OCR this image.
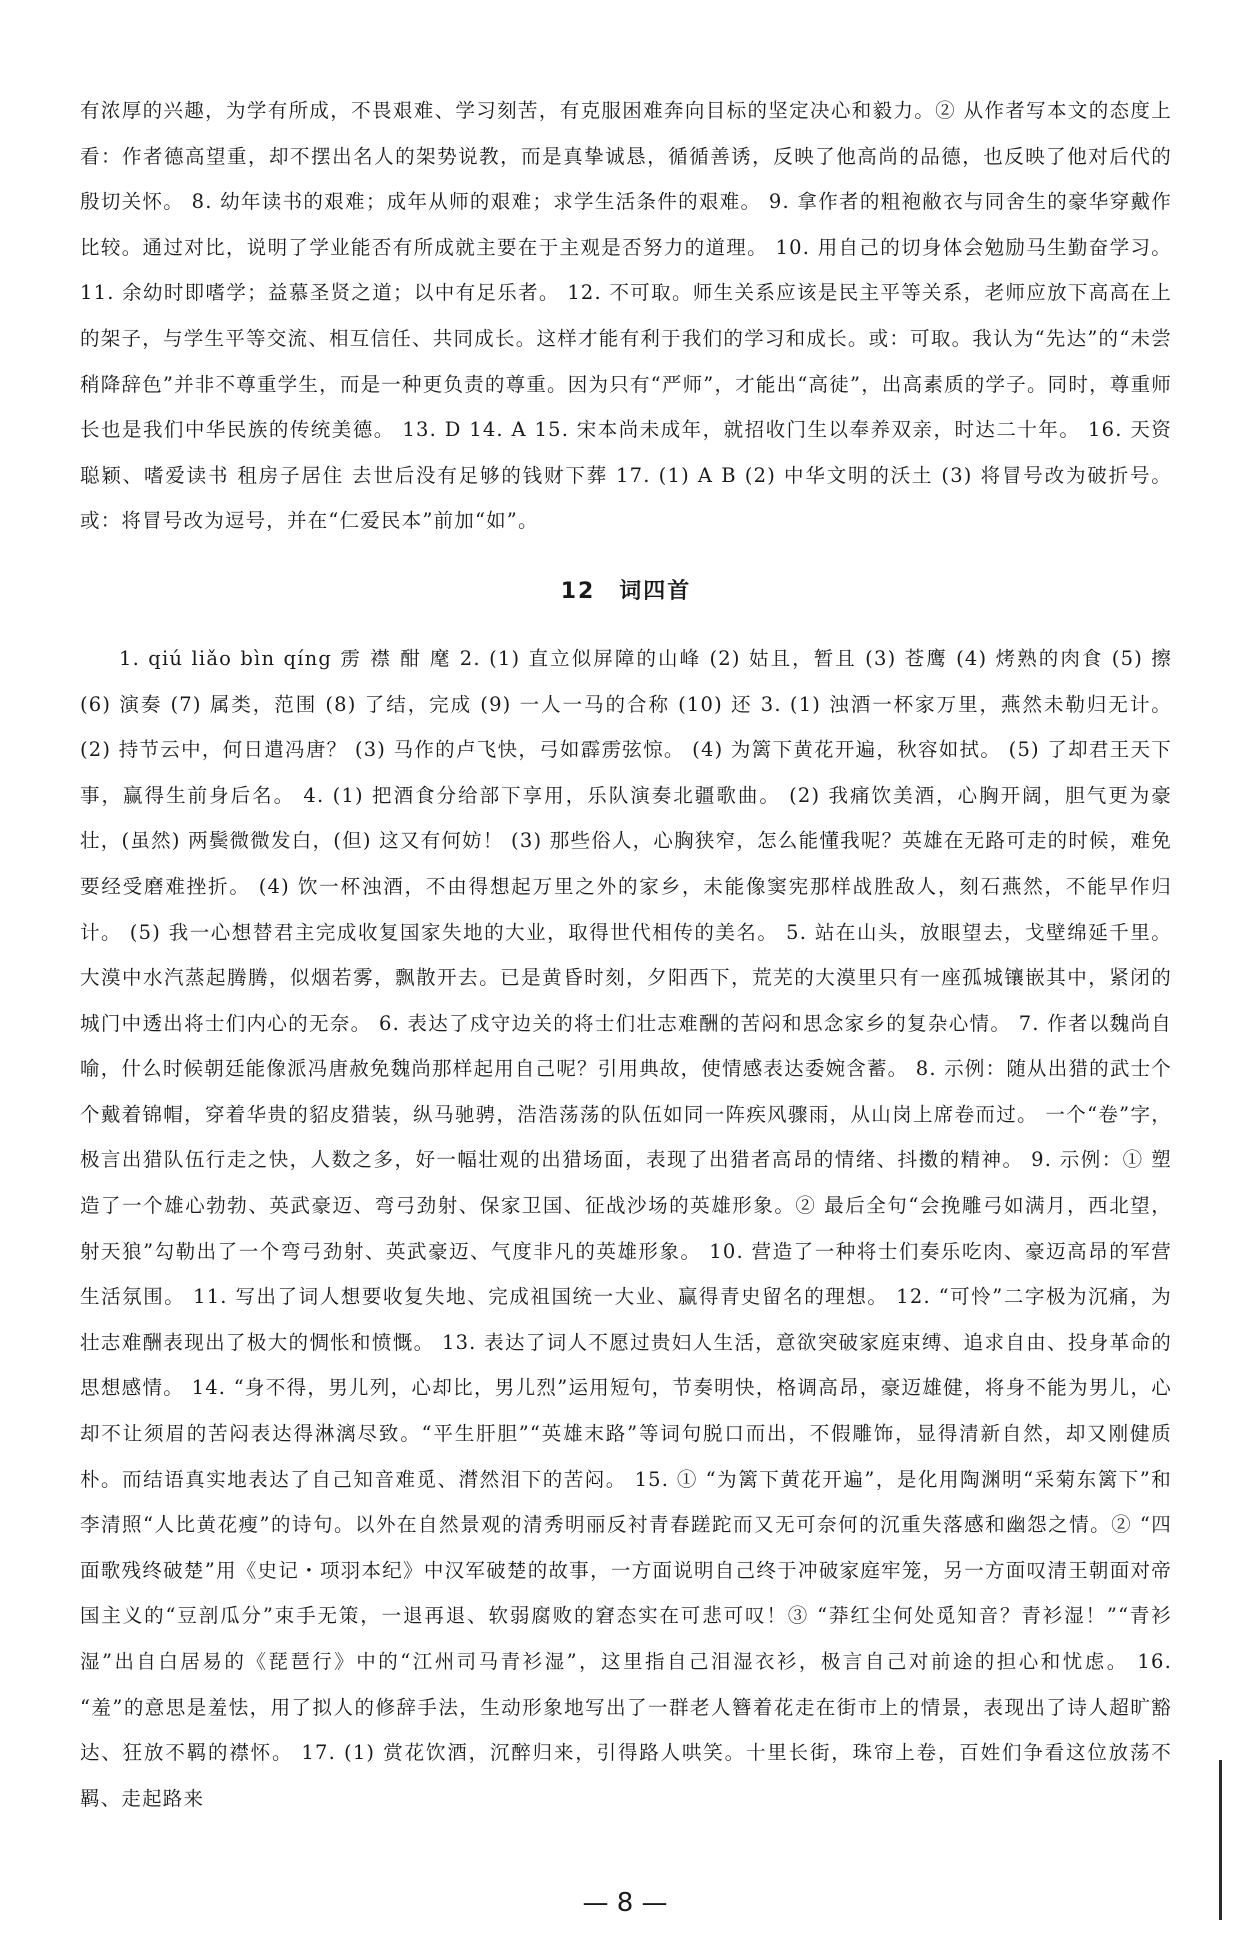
有浓厚的兴趣，为学有所成，不畏艰难、学习刻苦，有克服困难奔向目标的坚定决心和毅力。② 从作者写本文的态度上看：作者德高望重，却不摆出名人的架势说教，而是真挚诚恳，循循善诱，反映了他高尚的品德，也反映了他对后代的殷切关怀。 8. 幼年读书的艰难；成年从师的艰难；求学生活条件的艰难。 9. 拿作者的粗袍敝衣与同舍生的豪华穿戴作比较。通过对比，说明了学业能否有所成就主要在于主观是否努力的道理。 10. 用自己的切身体会勉励马生勤奋学习。 11. 余幼时即嗜学；益慕圣贤之道；以中有足乐者。 12. 不可取。师生关系应该是民主平等关系，老师应放下高高在上的架子，与学生平等交流、相互信任、共同成长。这样才能有利于我们的学习和成长。或：可取。我认为“先达”的“未尝稍降辞色”并非不尊重学生，而是一种更负责的尊重。因为只有“严师”，才能出“高徒”，出高素质的学子。同时，尊重师长也是我们中华民族的传统美德。 13. D 14. A 15. 宋本尚未成年，就招收门生以奉养双亲，时达二十年。 16. 天资聪颖、嗜爱读书 租房子居住 去世后没有足够的钱财下葬 17. (1) A B (2) 中华文明的沃土 (3) 将冒号改为破折号。或：将冒号改为逗号，并在“仁爱民本”前加“如”。

12　词四首

1. qiú liǎo bìn qíng 雳 襟 酣 麾 2. (1) 直立似屏障的山峰 (2) 姑且，暂且 (3) 苍鹰 (4) 烤熟的肉食 (5) 擦 (6) 演奏 (7) 属类，范围 (8) 了结，完成 (9) 一人一马的合称 (10) 还 3. (1) 浊酒一杯家万里，燕然未勒归无计。 (2) 持节云中，何日遣冯唐？ (3) 马作的卢飞快，弓如霹雳弦惊。 (4) 为篱下黄花开遍，秋容如拭。 (5) 了却君王天下事，赢得生前身后名。 4. (1) 把酒食分给部下享用，乐队演奏北疆歌曲。 (2) 我痛饮美酒，心胸开阔，胆气更为豪壮，(虽然) 两鬓微微发白，(但) 这又有何妨！ (3) 那些俗人，心胸狭窄，怎么能懂我呢？英雄在无路可走的时候，难免要经受磨难挫折。 (4) 饮一杯浊酒，不由得想起万里之外的家乡，未能像窦宪那样战胜敌人，刻石燕然，不能早作归计。 (5) 我一心想替君主完成收复国家失地的大业，取得世代相传的美名。 5. 站在山头，放眼望去，戈壁绵延千里。大漠中水汽蒸起腾腾，似烟若雾，飘散开去。已是黄昏时刻，夕阳西下，荒芜的大漠里只有一座孤城镶嵌其中，紧闭的城门中透出将士们内心的无奈。 6. 表达了戍守边关的将士们壮志难酬的苦闷和思念家乡的复杂心情。 7. 作者以魏尚自喻，什么时候朝廷能像派冯唐赦免魏尚那样起用自己呢？引用典故，使情感表达委婉含蓄。 8. 示例：随从出猎的武士个个戴着锦帽，穿着华贵的貂皮猎装，纵马驰骋，浩浩荡荡的队伍如同一阵疾风骤雨，从山岗上席卷而过。 一个“卷”字，极言出猎队伍行走之快，人数之多，好一幅壮观的出猎场面，表现了出猎者高昂的情绪、抖擞的精神。 9. 示例：① 塑造了一个雄心勃勃、英武豪迈、弯弓劲射、保家卫国、征战沙场的英雄形象。② 最后全句“会挽雕弓如满月，西北望，射天狼”勾勒出了一个弯弓劲射、英武豪迈、气度非凡的英雄形象。 10. 营造了一种将士们奏乐吃肉、豪迈高昂的军营生活氛围。 11. 写出了词人想要收复失地、完成祖国统一大业、赢得青史留名的理想。 12. “可怜”二字极为沉痛，为壮志难酬表现出了极大的惆怅和愤慨。 13. 表达了词人不愿过贵妇人生活，意欲突破家庭束缚、追求自由、投身革命的思想感情。 14. “身不得，男儿列，心却比，男儿烈”运用短句，节奏明快，格调高昂，豪迈雄健，将身不能为男儿，心却不让须眉的苦闷表达得淋漓尽致。“平生肝胆”“英雄末路”等词句脱口而出，不假雕饰，显得清新自然，却又刚健质朴。而结语真实地表达了自己知音难觅、潸然泪下的苦闷。 15. ① “为篱下黄花开遍”，是化用陶渊明“采菊东篱下”和李清照“人比黄花瘦”的诗句。以外在自然景观的清秀明丽反衬青春蹉跎而又无可奈何的沉重失落感和幽怨之情。② “四面歌残终破楚”用《史记・项羽本纪》中汉军破楚的故事，一方面说明自己终于冲破家庭牢笼，另一方面叹清王朝面对帝国主义的“豆剖瓜分”束手无策，一退再退、软弱腐败的窘态实在可悲可叹！③ “莽红尘何处觅知音？青衫湿！”“青衫湿”出自白居易的《琵琶行》中的“江州司马青衫湿”，这里指自己泪湿衣衫，极言自己对前途的担心和忧虑。 16. “羞”的意思是羞怯，用了拟人的修辞手法，生动形象地写出了一群老人簪着花走在街市上的情景，表现出了诗人超旷豁达、狂放不羁的襟怀。 17. (1) 赏花饮酒，沉醉归来，引得路人哄笑。十里长街，珠帘上卷，百姓们争看这位放荡不羁、走起路来

— 8 —
